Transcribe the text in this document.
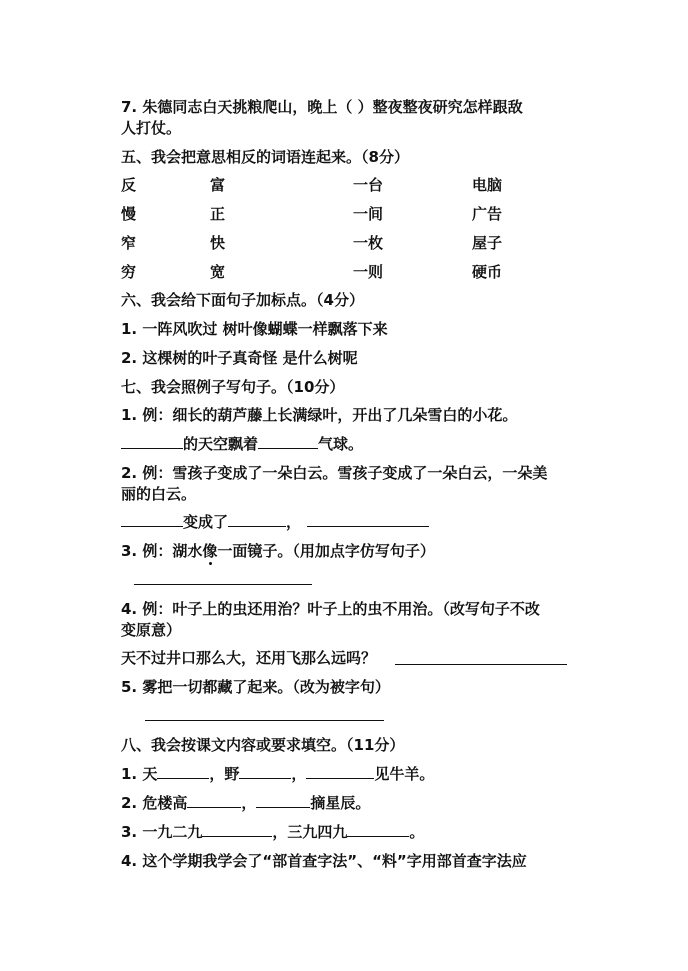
7. 朱德同志白天挑粮爬山，晚上（ ）整夜整夜研究怎样跟敌
人打仗。
五、我会把意思相反的词语连起来。（8分）
反	富	一台	电脑
慢	正	一间	广告
窄	快	一枚	屋子
穷	宽	一则	硬币
六、我会给下面句子加标点。（4分）
1. 一阵风吹过 树叶像蝴蝶一样飘落下来
2. 这棵树的叶子真奇怪 是什么树呢
七、我会照例子写句子。（10分）
1. 例：细长的葫芦藤上长满绿叶，开出了几朵雪白的小花。
的天空飘着	气球。
2. 例：雪孩子变成了一朵白云。雪孩子变成了一朵白云，一朵美
丽的白云。
变成了	，
3. 例：湖水像一面镜子。（用加点字仿写句子）
4. 例：叶子上的虫还用治？叶子上的虫不用治。（改写句子不改
变原意）
天不过井口那么大，还用飞那么远吗？
5. 雾把一切都藏了起来。（改为被字句）
八、我会按课文内容或要求填空。（11分）
1. 天	，野	，	见牛羊。
2. 危楼高	，	摘星辰。
3. 一九二九	，三九四九	。
4. 这个学期我学会了“部首查字法”、“料”字用部首查字法应
